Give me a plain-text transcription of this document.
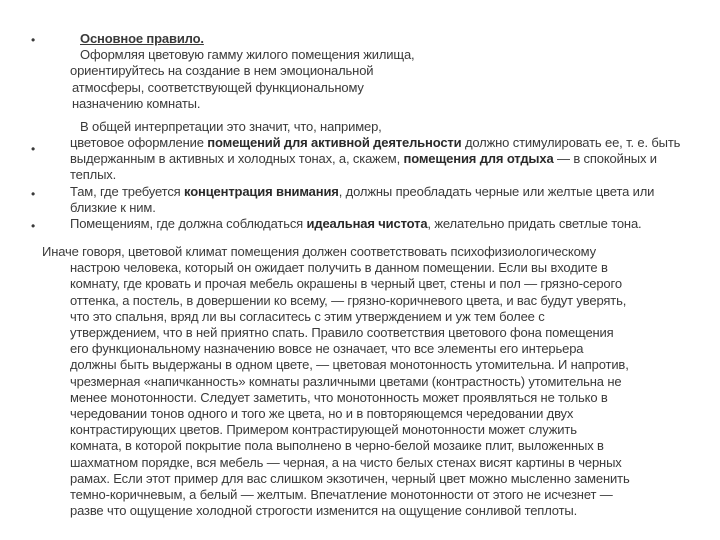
•	Основное правило.
Оформляя цветовую гамму жилого помещения жилища,
ориентируйтесь на создание в нем эмоциональной
атмосферы, соответствующей функциональному
назначению комнаты.
В общей интерпретации это значит, что, например,
•	цветовое оформление помещений для активной деятельности должно стимулировать ее, т. е. быть выдержанным в активных и холодных тонах, а, скажем, помещения для отдыха — в спокойных и теплых.
•	Там, где требуется концентрация внимания, должны преобладать черные или желтые цвета или близкие к ним.
•	Помещениям, где должна соблюдаться идеальная чистота, желательно придать светлые тона.
Иначе говоря, цветовой климат помещения должен соответствовать психофизиологическому
настрою человека, который он ожидает получить в данном помещении. Если вы входите в
комнату, где кровать и прочая мебель окрашены в черный цвет, стены и пол — грязно-серого
оттенка, а постель, в довершении ко всему, — грязно-коричневого цвета, и вас будут уверять,
что это спальня, вряд ли вы согласитесь с этим утверждением и уж тем более с
утверждением, что в ней приятно спать. Правило соответствия цветового фона помещения
его функциональному назначению вовсе не означает, что все элементы его интерьера
должны быть выдержаны в одном цвете, — цветовая монотонность утомительна. И напротив,
чрезмерная «напичканность» комнаты различными цветами (контрастность) утомительна не
менее монотонности. Следует заметить, что монотонность может проявляться не только в
чередовании тонов одного и того же цвета, но и в повторяющемся чередовании двух
контрастирующих цветов. Примером контрастирующей монотонности может служить
комната, в которой покрытие пола выполнено в черно-белой мозаике плит, выложенных в
шахматном порядке, вся мебель — черная, а на чисто белых стенах висят картины в черных
рамах. Если этот пример для вас слишком экзотичен, черный цвет можно мысленно заменить
темно-коричневым, а белый — желтым. Впечатление монотонности от этого не исчезнет —
разве что ощущение холодной строгости изменится на ощущение сонливой теплоты.
